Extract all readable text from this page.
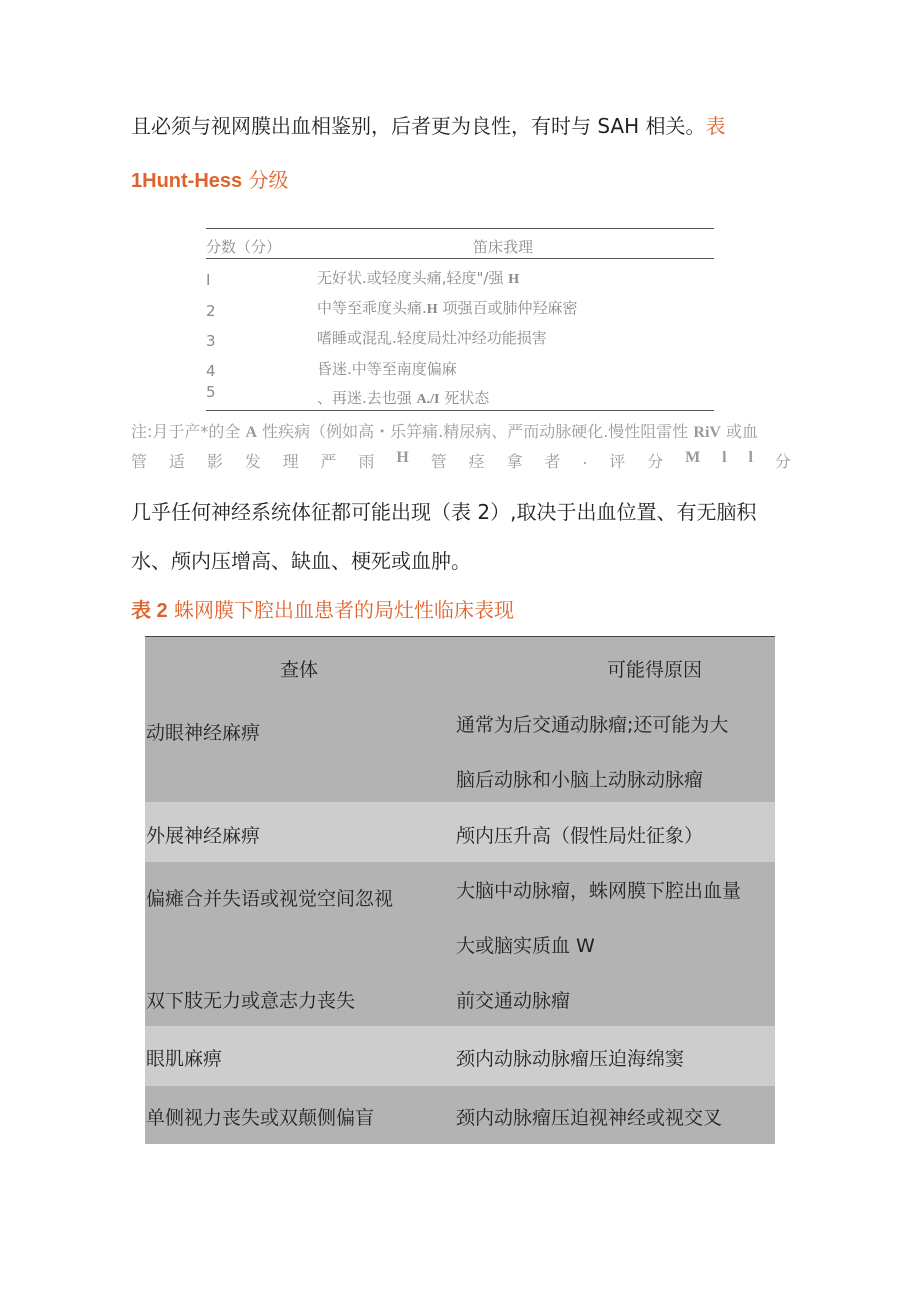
且必须与视网膜出血相鉴别，后者更为良性，有时与 SAH 相关。表
1Hunt-Hess 分级
分数（分）	笛床我理
I	无好状.或轻度头痛,轻度"/强 H
2	中等至乖度头痛.H 项强百或肺仲羟麻密
3	嗜睡或混乱.轻度局灶冲经功能损害
4	昏迷.中等至南度偏麻
5	、再迷.去也强 A./I 死状态
注:月于产*的全 A 性疾病（例如高・乐笄痛.精尿病、严而动脉硬化.慢性阻雷性 RiV 或血
管 适 影 发 理 严 雨 H 管 痉 拿 者 . 评 分 M l l 分
几乎任何神经系统体征都可能出现（表 2）,取决于出血位置、有无脑积
水、颅内压增高、缺血、梗死或血肿。
表 2 蛛网膜下腔出血患者的局灶性临床表现
查体	可能得原因
动眼神经麻痹	通常为后交通动脉瘤;还可能为大
脑后动脉和小脑上动脉动脉瘤
外展神经麻痹	颅内压升高（假性局灶征象）
偏瘫合并失语或视觉空间忽视	大脑中动脉瘤，蛛网膜下腔出血量
大或脑实质血 W
双下肢无力或意志力丧失	前交通动脉瘤
眼肌麻痹	颈内动脉动脉瘤压迫海绵窦
单侧视力丧失或双颠侧偏盲	颈内动脉瘤压迫视神经或视交叉
